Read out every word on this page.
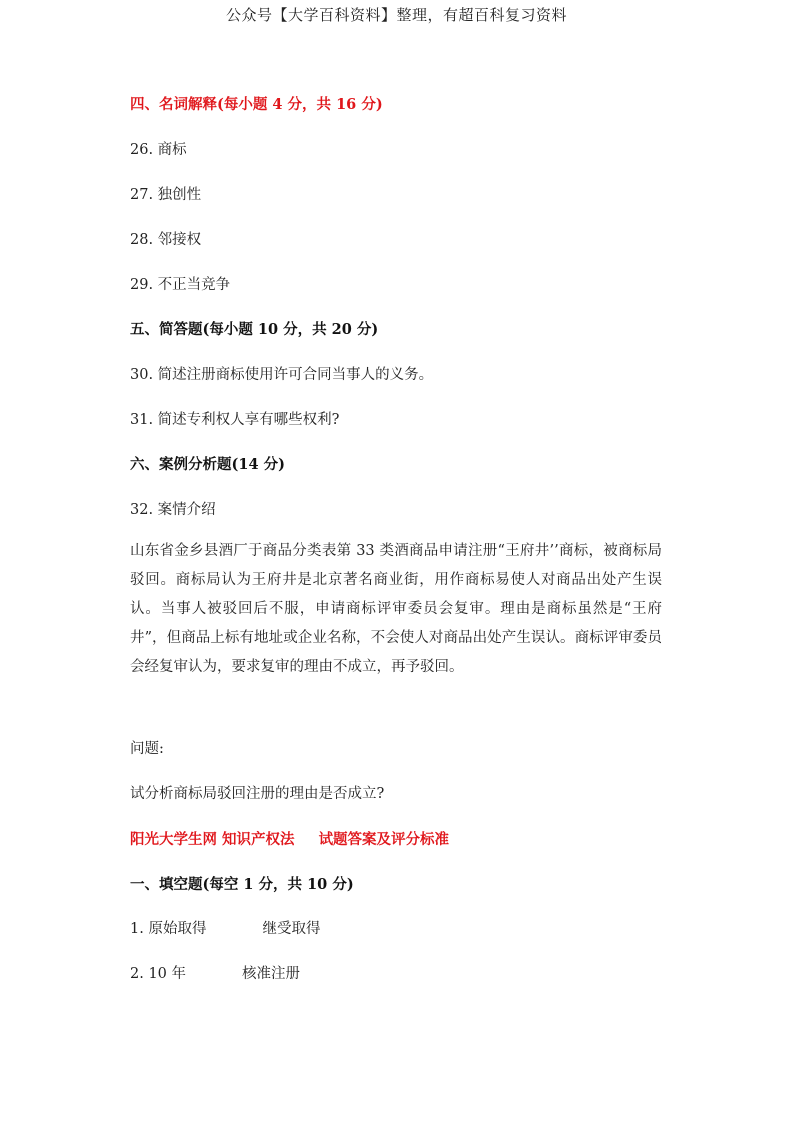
公众号【大学百科资料】整理，有超百科复习资料
四、名词解释(每小题 4 分，共 16 分)
26. 商标
27. 独创性
28. 邻接权
29. 不正当竞争
五、简答题(每小题 10 分，共 20 分)
30. 简述注册商标使用许可合同当事人的义务。
31. 简述专利权人享有哪些权利?
六、案例分析题(14 分)
32. 案情介绍
山东省金乡县酒厂于商品分类表第 33 类酒商品申请注册“王府井’’商标，被商标局驳回。商标局认为王府井是北京著名商业街，用作商标易使人对商品出处产生误认。当事人被驳回后不服，申请商标评审委员会复审。理由是商标虽然是“王府井”，但商品上标有地址或企业名称，不会使人对商品出处产生误认。商标评审委员会经复审认为，要求复审的理由不成立，再予驳回。
问题:
试分析商标局驳回注册的理由是否成立?
阳光大学生网 知识产权法 试题答案及评分标准
一、填空题(每空 1 分，共 10 分)
1. 原始取得	继受取得
2. 10 年	核准注册
